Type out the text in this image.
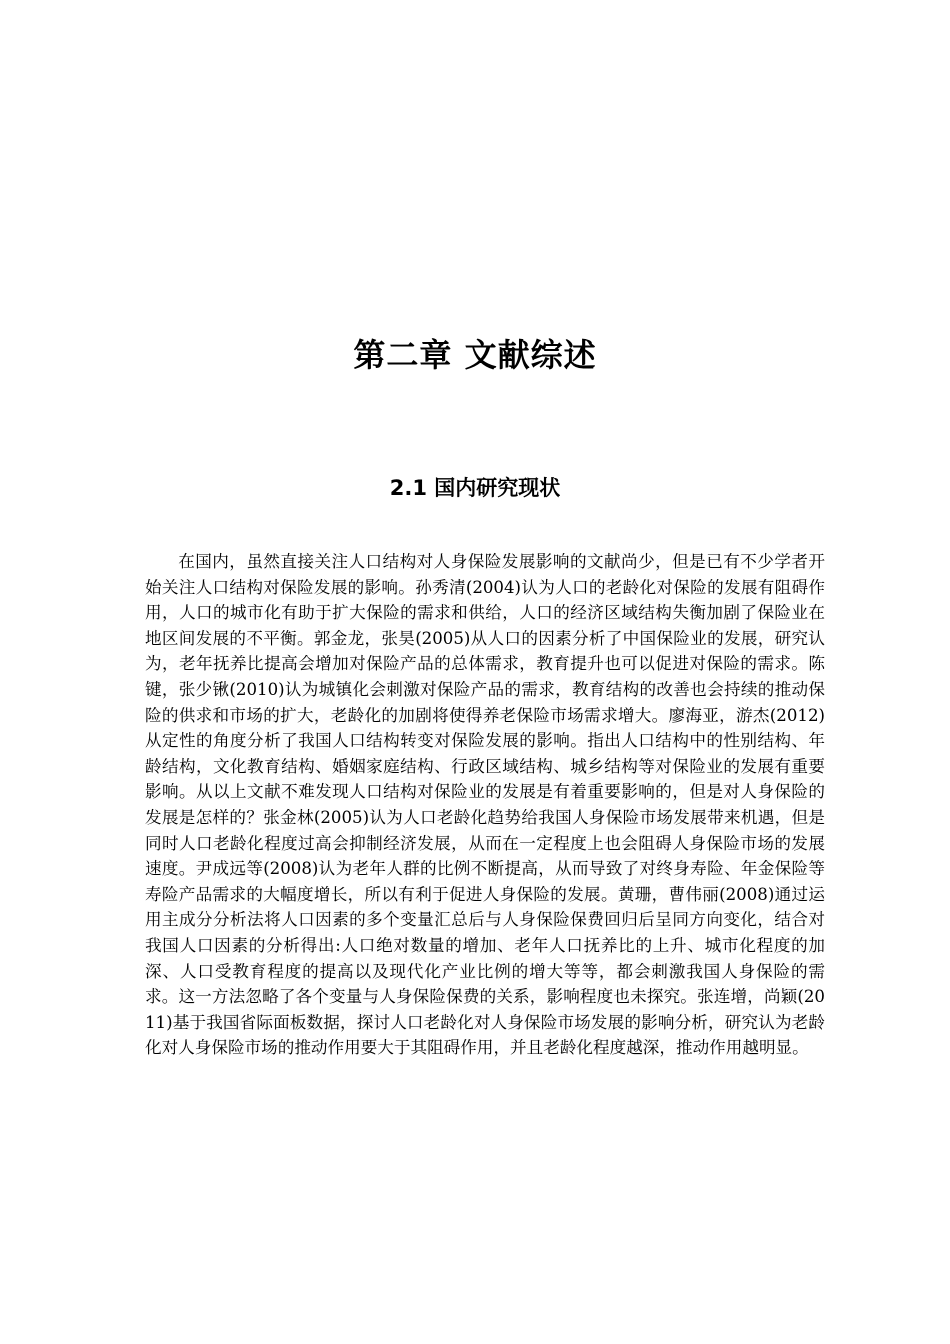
第二章 文献综述
2.1 国内研究现状

在国内，虽然直接关注人口结构对人身保险发展影响的文献尚少，但是已有不少学者开始关注人口结构对保险发展的影响。孙秀清(2004)认为人口的老龄化对保险的发展有阻碍作用，人口的城市化有助于扩大保险的需求和供给，人口的经济区域结构失衡加剧了保险业在地区间发展的不平衡。郭金龙，张昊(2005)从人口的因素分析了中国保险业的发展，研究认为，老年抚养比提高会增加对保险产品的总体需求，教育提升也可以促进对保险的需求。陈键，张少锹(2010)认为城镇化会刺激对保险产品的需求，教育结构的改善也会持续的推动保险的供求和市场的扩大，老龄化的加剧将使得养老保险市场需求增大。廖海亚，游杰(2012)从定性的角度分析了我国人口结构转变对保险发展的影响。指出人口结构中的性别结构、年龄结构，文化教育结构、婚姻家庭结构、行政区域结构、城乡结构等对保险业的发展有重要影响。从以上文献不难发现人口结构对保险业的发展是有着重要影响的，但是对人身保险的发展是怎样的？张金林(2005)认为人口老龄化趋势给我国人身保险市场发展带来机遇，但是同时人口老龄化程度过高会抑制经济发展，从而在一定程度上也会阻碍人身保险市场的发展速度。尹成远等(2008)认为老年人群的比例不断提高，从而导致了对终身寿险、年金保险等寿险产品需求的大幅度增长，所以有利于促进人身保险的发展。黄珊，曹伟丽(2008)通过运用主成分分析法将人口因素的多个变量汇总后与人身保险保费回归后呈同方向变化，结合对我国人口因素的分析得出:人口绝对数量的增加、老年人口抚养比的上升、城市化程度的加深、人口受教育程度的提高以及现代化产业比例的增大等等，都会刺激我国人身保险的需求。这一方法忽略了各个变量与人身保险保费的关系，影响程度也未探究。张连增，尚颖(2011)基于我国省际面板数据，探讨人口老龄化对人身保险市场发展的影响分析，研究认为老龄化对人身保险市场的推动作用要大于其阻碍作用，并且老龄化程度越深，推动作用越明显。
